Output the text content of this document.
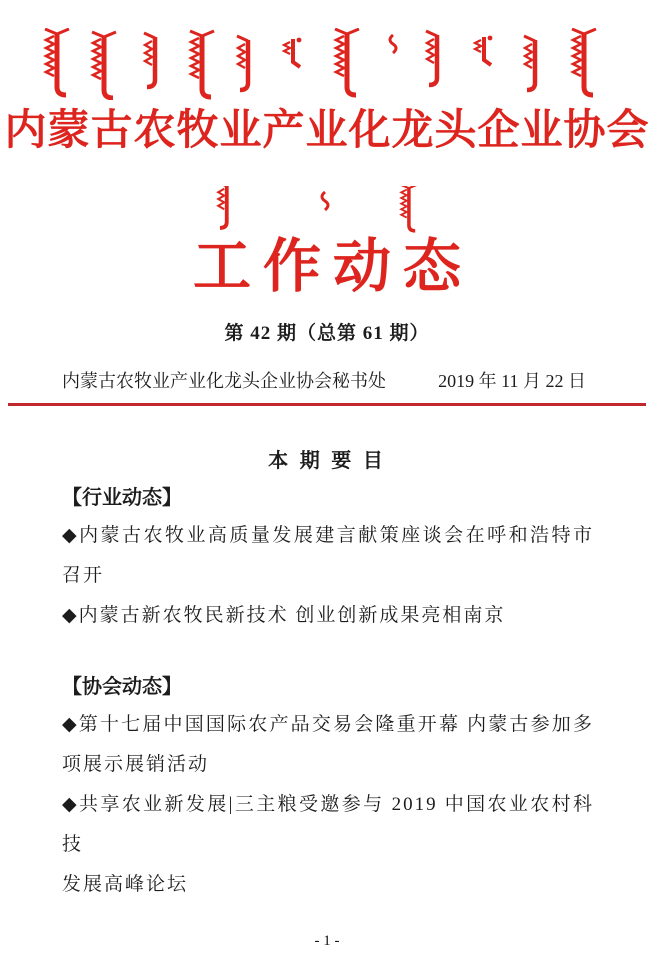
内蒙古农牧业产业化龙头企业协会
工作动态
第 42 期（总第 61 期）
内蒙古农牧业产业化龙头企业协会秘书处	2019 年 11 月 22 日
本 期 要 目
【行业动态】
◆内蒙古农牧业高质量发展建言献策座谈会在呼和浩特市
召开
◆内蒙古新农牧民新技术 创业创新成果亮相南京
【协会动态】
◆第十七届中国国际农产品交易会隆重开幕 内蒙古参加多
项展示展销活动
◆共享农业新发展|三主粮受邀参与 2019 中国农业农村科技
发展高峰论坛
- 1 -
